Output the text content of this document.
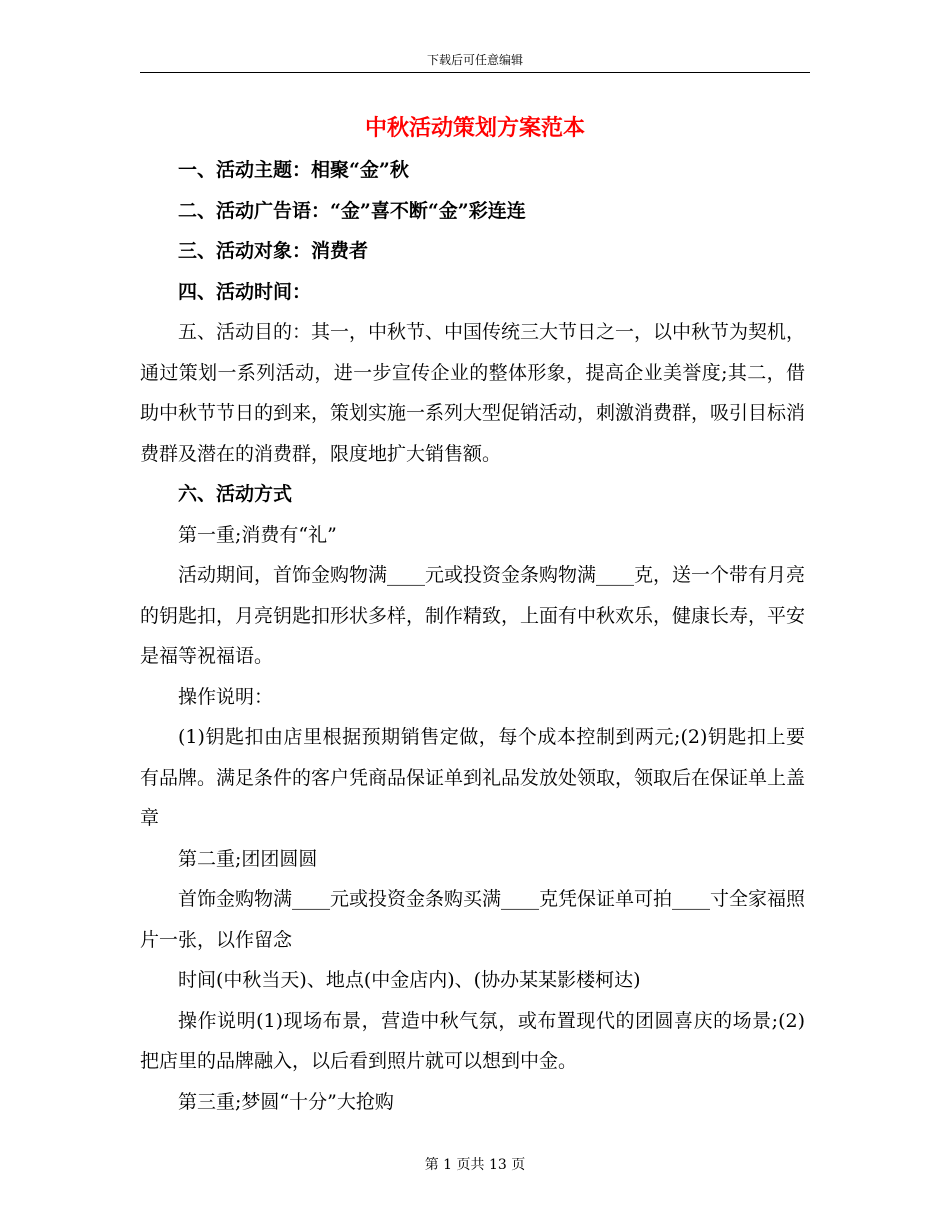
下载后可任意编辑
中秋活动策划方案范本

一、活动主题：相聚“金”秋

二、活动广告语：“金”喜不断“金”彩连连

三、活动对象：消费者

四、活动时间：

五、活动目的：其一，中秋节、中国传统三大节日之一，以中秋节为契机，通过策划一系列活动，进一步宣传企业的整体形象，提高企业美誉度;其二，借助中秋节节日的到来，策划实施一系列大型促销活动，刺激消费群，吸引目标消费群及潜在的消费群，限度地扩大销售额。

六、活动方式

第一重;消费有“礼”

活动期间，首饰金购物满____元或投资金条购物满____克，送一个带有月亮的钥匙扣，月亮钥匙扣形状多样，制作精致，上面有中秋欢乐，健康长寿，平安是福等祝福语。

操作说明：

(1)钥匙扣由店里根据预期销售定做，每个成本控制到两元;(2)钥匙扣上要有品牌。满足条件的客户凭商品保证单到礼品发放处领取，领取后在保证单上盖章

第二重;团团圆圆

首饰金购物满____元或投资金条购买满____克凭保证单可拍____寸全家福照片一张，以作留念

时间(中秋当天)、地点(中金店内)、(协办某某影楼柯达)

操作说明(1)现场布景，营造中秋气氛，或布置现代的团圆喜庆的场景;(2)把店里的品牌融入，以后看到照片就可以想到中金。

第三重;梦圆“十分”大抢购

第 1 页共 13 页
